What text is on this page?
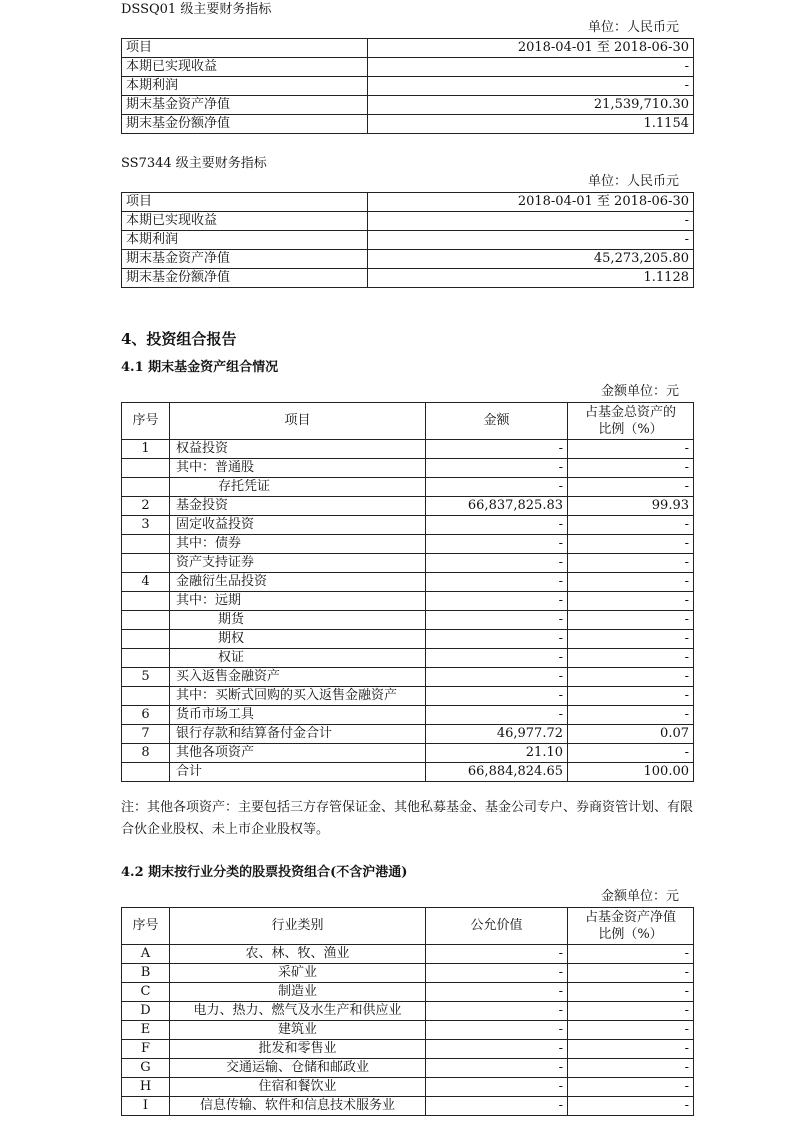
DSSQ01 级主要财务指标
单位：人民币元
项目	2018-04-01 至 2018-06-30
本期已实现收益	-
本期利润	-
期末基金资产净值	21,539,710.30
期末基金份额净值	1.1154
SS7344 级主要财务指标
单位：人民币元
项目	2018-04-01 至 2018-06-30
本期已实现收益	-
本期利润	-
期末基金资产净值	45,273,205.80
期末基金份额净值	1.1128
4、投资组合报告
4.1 期末基金资产组合情况
金额单位：元
序号	项目	金额	占基金总资产的
比例（%）

1	权益投资	-	-
	其中：普通股	-	-
	存托凭证	-	-
2	基金投资	66,837,825.83	99.93
3	固定收益投资	-	-
	其中：债券	-	-
	资产支持证券	-	-
4	金融衍生品投资	-	-
	其中：远期	-	-
	期货	-	-
	期权	-	-
	权证	-	-
5	买入返售金融资产	-	-
	其中：买断式回购的买入返售金融资产	-	-
6	货币市场工具	-	-
7	银行存款和结算备付金合计	46,977.72	0.07
8	其他各项资产	21.10	-
	合计	66,884,824.65	100.00
注：其他各项资产：主要包括三方存管保证金、其他私募基金、基金公司专户、券商资管计划、有限合伙企业股权、未上市企业股权等。
4.2 期末按行业分类的股票投资组合(不含沪港通)
金额单位：元
序号	行业类别	公允价值	占基金资产净值
比例（%）

A	农、林、牧、渔业	-	-
B	采矿业	-	-
C	制造业	-	-
D	电力、热力、燃气及水生产和供应业	-	-
E	建筑业	-	-
F	批发和零售业	-	-
G	交通运输、仓储和邮政业	-	-
H	住宿和餐饮业	-	-
I	信息传输、软件和信息技术服务业	-	-
